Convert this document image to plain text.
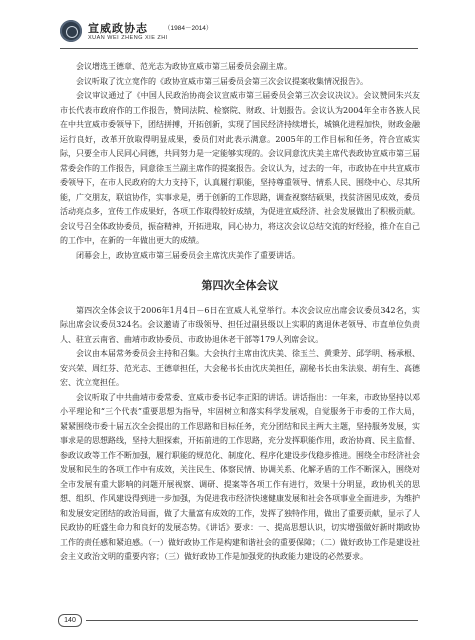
宣威政协志 （1984－2014）
XUAN WEI ZHENG XIE ZHI

会议增选王德章、范光志为政协宣威市第三届委员会副主席。

会议听取了沈立宽作的《政协宣威市第三届委员会第三次会议提案收集情况报告》。

会议审议通过了《中国人民政治协商会议宣威市第三届委员会第三次会议决议》。会议赞同朱兴友市长代表市政府作的工作报告，赞同法院、检察院、财政、计划报告。会议认为2004年全市各族人民在中共宣威市委领导下，团结拼搏，开拓创新，实现了国民经济持续增长，城镇化进程加快，财政金融运行良好，改革开放取得明显成果，委员们对此表示满意。2005年的工作目标和任务，符合宣威实际，只要全市人民同心同德，共同努力是一定能够实现的。会议同意沈庆美主席代表政协宣威市第三届常委会作的工作报告，同意徐玉兰副主席作的提案报告。会议认为，过去的一年，市政协在中共宣威市委领导下，在市人民政府的大力支持下，认真履行职能，坚持尊重领导、情系人民、围绕中心、尽其所能，广交朋友，联谊协作，实事求是，勇于创新的工作思路，调查视察结硕果，找贫济困见成效，委员活动亮点多，宣传工作成果好，各项工作取得较好成绩，为促进宣威经济、社会发展做出了积极贡献。会议号召全体政协委员，振奋精神，开拓进取，同心协力，将这次会议总结交流的好经验，推介在自己的工作中，在新的一年做出更大的成绩。

闭幕会上，政协宣威市第三届委员会主席沈庆美作了重要讲话。

第四次全体会议

第四次全体会议于2006年1月4日－6日在宣威人礼堂举行。本次会议应出席会议委员342名，实际出席会议委员324名。会议邀请了市级领导、担任过副县级以上实职的离退休老领导、市直单位负责人、驻宣云南省、曲靖市政协委员、市政协退休老干部等179人列席会议。

会议由本届常务委员会主持和召集。大会执行主席由沈庆美、徐玉兰、黄秉芳、邱学明、杨承根、安兴荣、周红芬、范光志、王德章担任，大会秘书长由沈庆美担任，副秘书长由朱法泉、胡有生、高德宏、沈立宽担任。

会议听取了中共曲靖市委常委、宣威市委书记李正阳的讲话。讲话指出：一年来，市政协坚持以邓小平理论和“三个代表”重要思想为指导，牢固树立和落实科学发展观，自觉服务于市委的工作大局，紧紧围绕市委十届五次全会提出的工作思路和目标任务，充分团结和民主两大主题，坚持服务发展，实事求是的思想路线，坚持大胆探索，开拓前进的工作思路，充分发挥职能作用，政治协商、民主监督、参政议政等工作不断加强，履行职能的规范化、制度化、程序化建设步伐稳步推进。围绕全市经济社会发展和民生的各项工作中有成效，关注民生、体察民情、协调关系、化解矛盾的工作不断深入，围绕对全市发展有重大影响的问题开展视察、调研、提案等各项工作有进行，效果十分明显，政协机关的思想、组织、作风建设得到进一步加强，为促进我市经济快速健康发展和社会各项事业全面进步，为维护和发展安定团结的政治局面，做了大量富有成效的工作，发挥了独特作用，做出了重要贡献，显示了人民政协的旺盛生命力和良好的发展态势。《讲话》要求：一、提高思想认识，切实增强做好新时期政协工作的责任感和紧迫感。（一）做好政协工作是构建和谐社会的重要保障；（二）做好政协工作是建设社会主义政治文明的重要内容；（三）做好政协工作是加强党的执政能力建设的必然要求。

140
